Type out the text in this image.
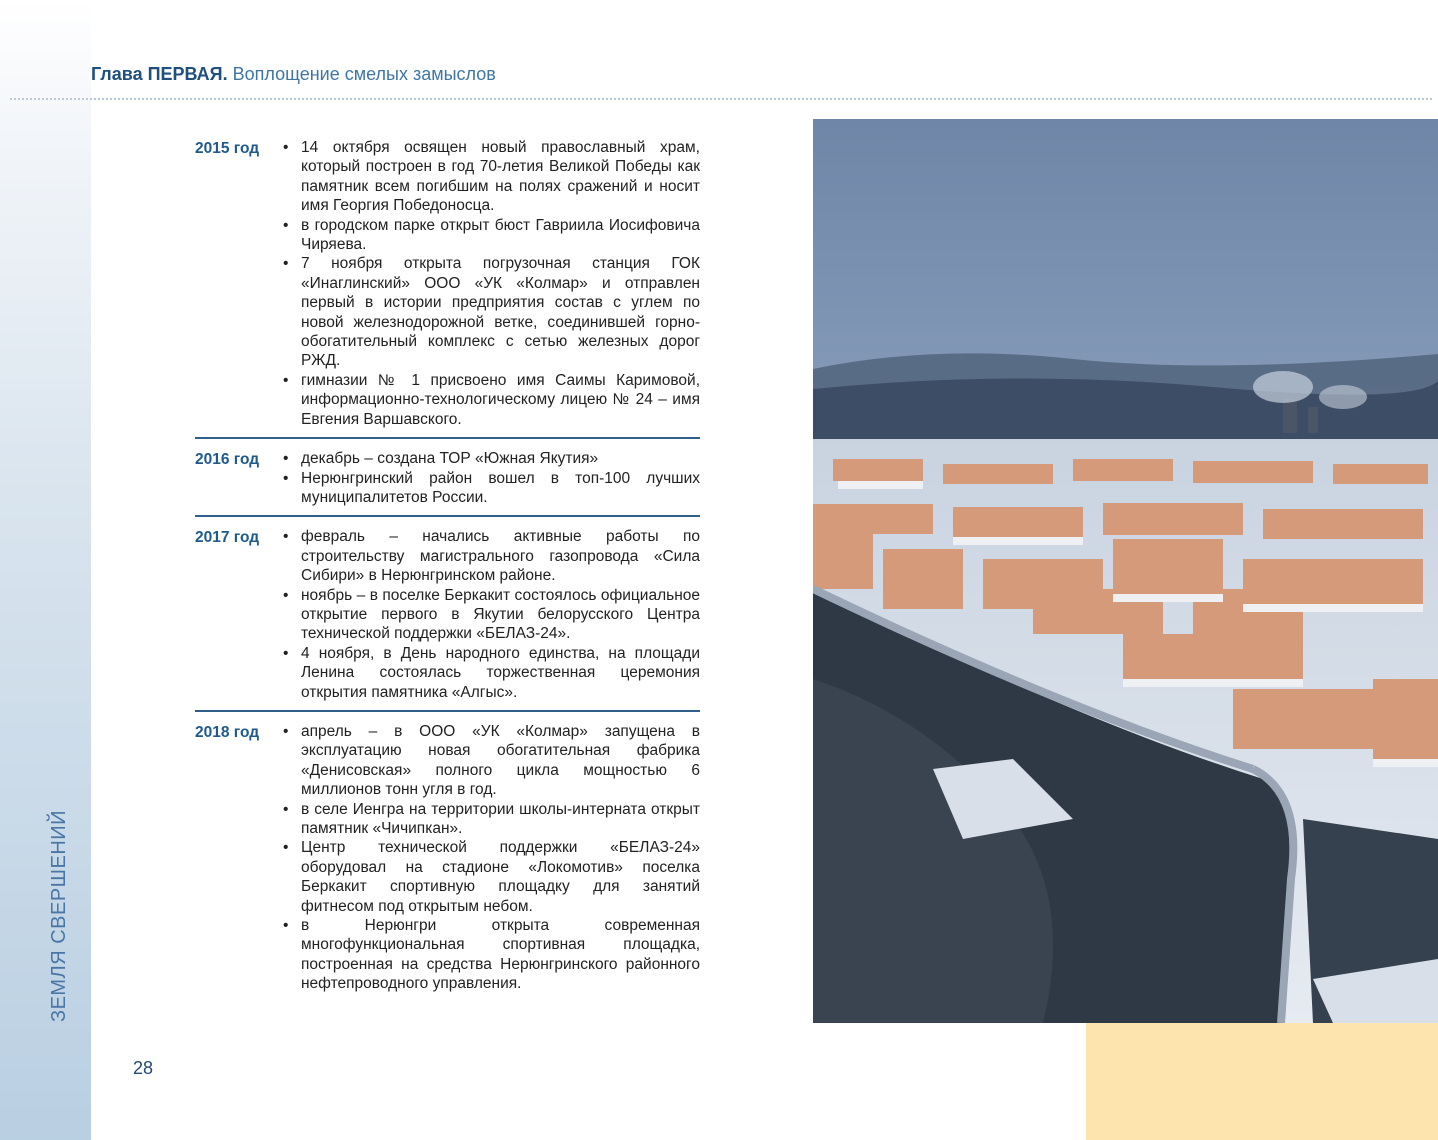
ЗЕМЛЯ СВЕРШЕНИЙ
28
Глава ПЕРВАЯ. Воплощение смелых замыслов
2015 год	• 14 октября освящен новый православный храм, который построен в год 70-летия Великой Победы как памятник всем погибшим на полях сражений и носит имя Георгия Победоносца.
• в городском парке открыт бюст Гавриила Иосифовича Чиряева.
• 7 ноября открыта погрузочная станция ГОК «Инаглинский» ООО «УК «Колмар» и отправлен первый в истории предприятия состав с углем по новой железнодорожной ветке, соединившей горно-обогатительный комплекс с сетью железных дорог РЖД.
• гимназии № 1 присвоено имя Саимы Каримовой, информационно-технологическому лицею № 24 – имя Евгения Варшавского.
2016 год	• декабрь – создана ТОР «Южная Якутия»
• Нерюнгринский район вошел в топ-100 лучших муниципалитетов России.
2017 год	• февраль – начались активные работы по строительству магистрального газопровода «Сила Сибири» в Нерюнгринском районе.
• ноябрь – в поселке Беркакит состоялось официальное открытие первого в Якутии белорусского Центра технической поддержки «БЕЛАЗ-24».
• 4 ноября, в День народного единства, на площади Ленина состоялась торжественная церемония открытия памятника «Алгыс».
2018 год	• апрель – в ООО «УК «Колмар» запущена в эксплуатацию новая обогатительная фабрика «Денисовская» полного цикла мощностью 6 миллионов тонн угля в год.
• в селе Иенгра на территории школы-интерната открыт памятник «Чичипкан».
• Центр технической поддержки «БЕЛАЗ-24» оборудовал на стадионе «Локомотив» поселка Беркакит спортивную площадку для занятий фитнесом под открытым небом.
• в Нерюнгри открыта современная многофункциональная спортивная площадка, построенная на средства Нерюнгринского районного нефтепроводного управления.
